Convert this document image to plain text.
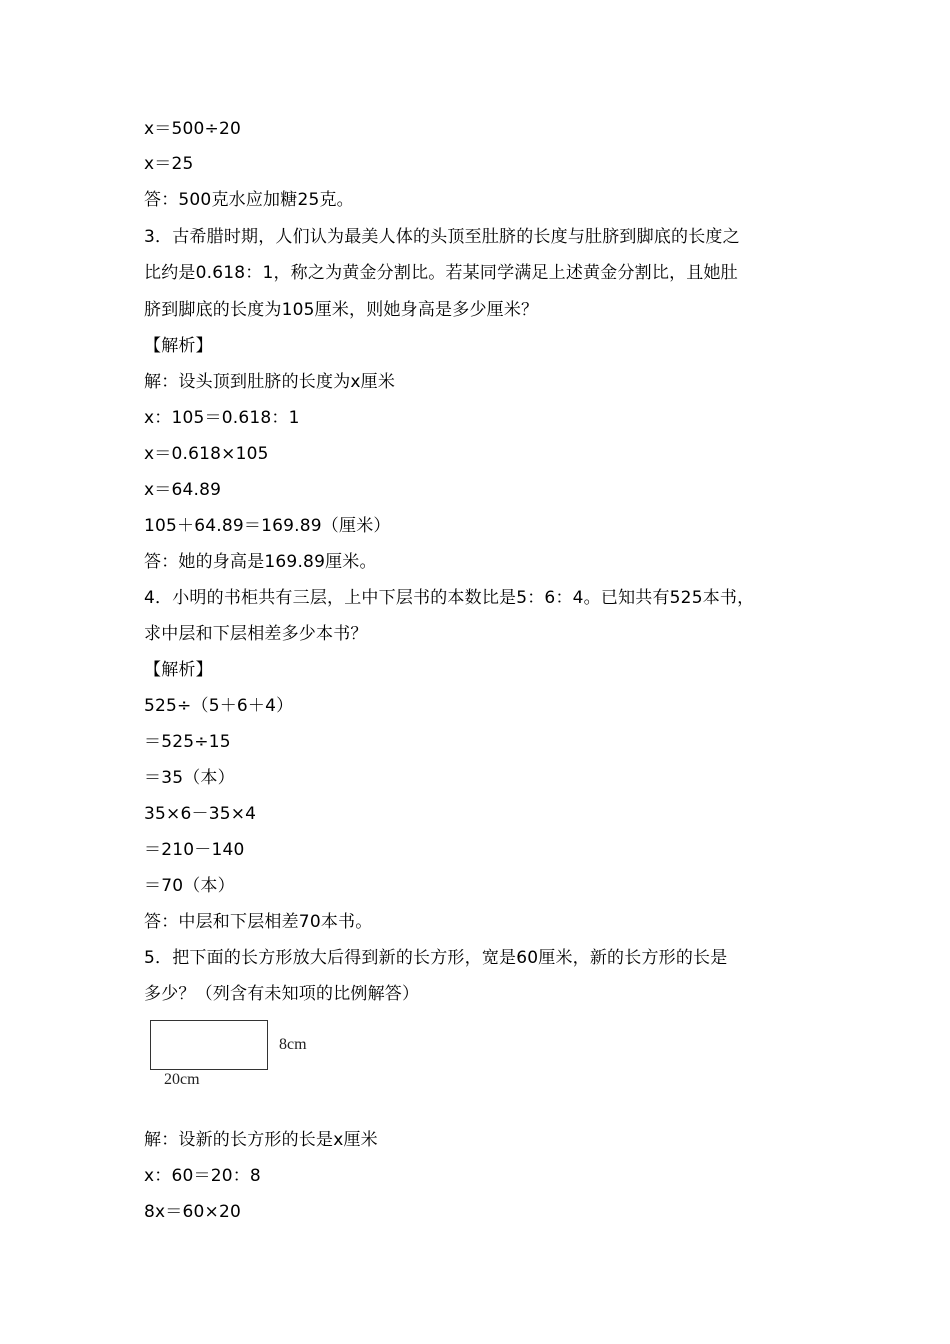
x＝500÷20
x＝25
答：500克水应加糖25克。
3．古希腊时期，人们认为最美人体的头顶至肚脐的长度与肚脐到脚底的长度之
比约是0.618：1，称之为黄金分割比。若某同学满足上述黄金分割比，且她肚
脐到脚底的长度为105厘米，则她身高是多少厘米？
【解析】
解：设头顶到肚脐的长度为x厘米
x：105＝0.618：1
x＝0.618×105
x＝64.89
105＋64.89＝169.89（厘米）
答：她的身高是169.89厘米。
4．小明的书柜共有三层，上中下层书的本数比是5：6：4。已知共有525本书，
求中层和下层相差多少本书？
【解析】
525÷（5＋6＋4）
＝525÷15
＝35（本）
35×6－35×4
＝210－140
＝70（本）
答：中层和下层相差70本书。
5．把下面的长方形放大后得到新的长方形，宽是60厘米，新的长方形的长是
多少？（列含有未知项的比例解答）
解：设新的长方形的长是x厘米
x：60＝20：8
8x＝60×20
8cm
20cm
